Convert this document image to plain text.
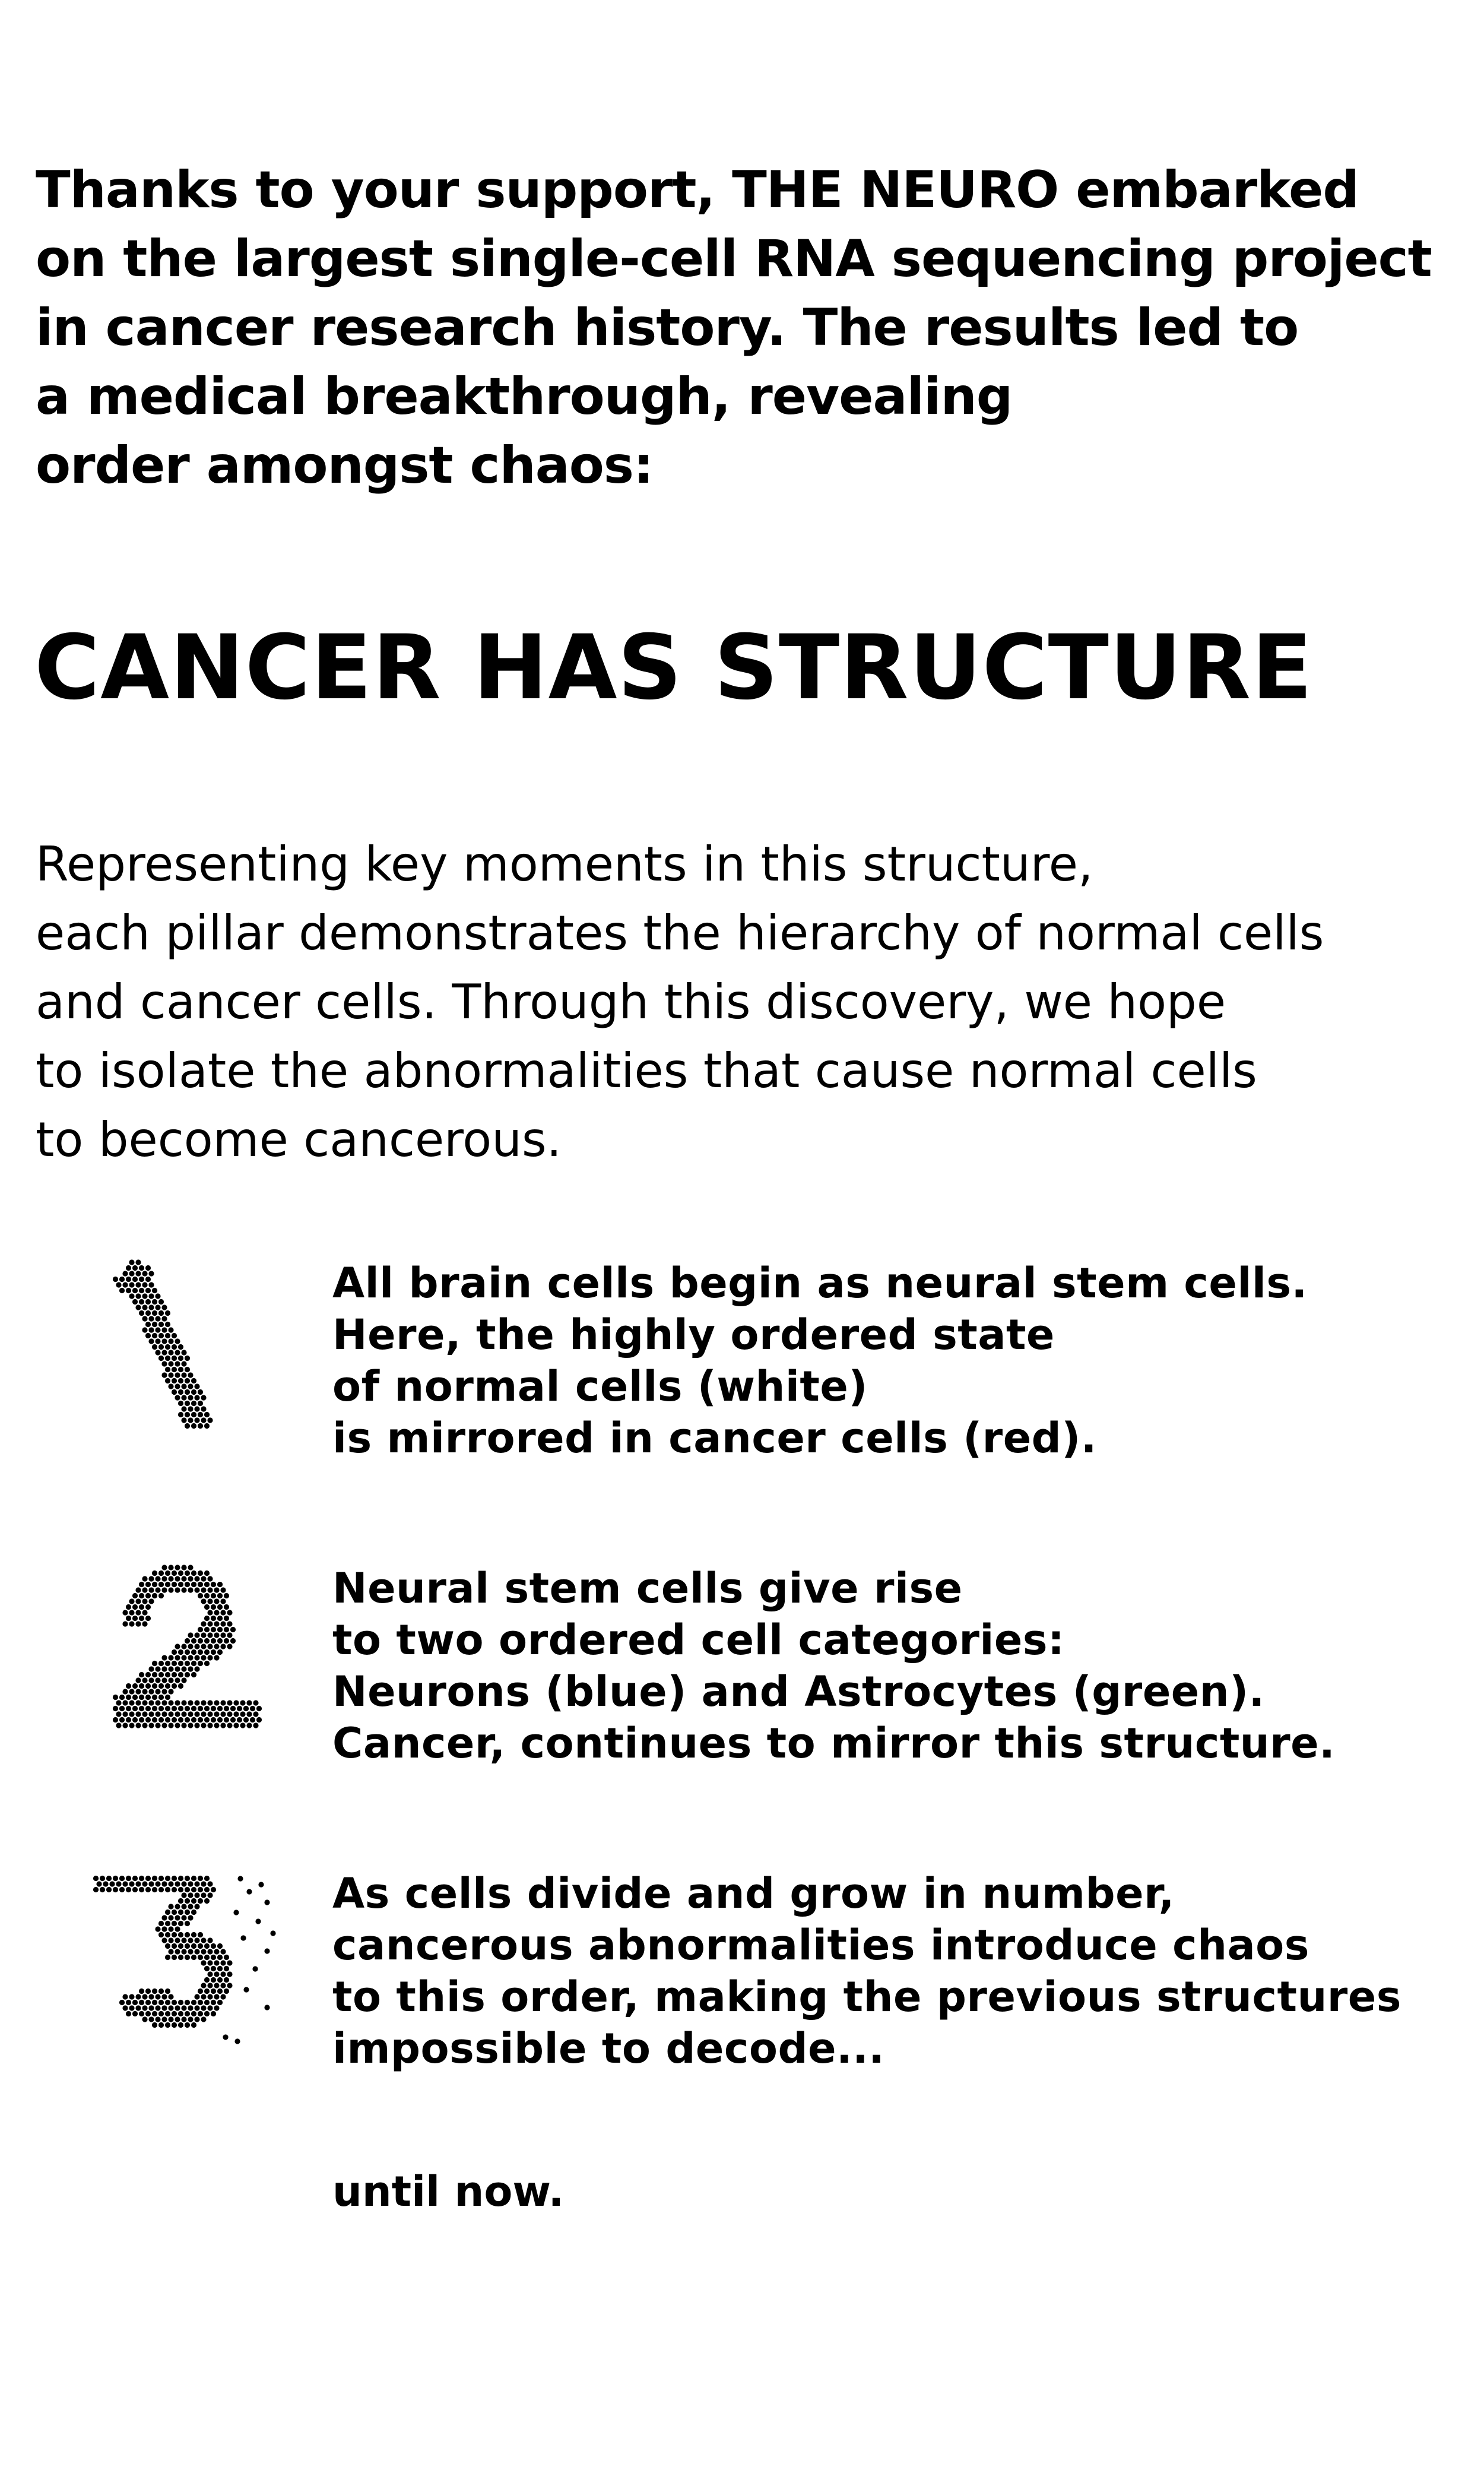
Thanks to your support, THE NEURO embarked
on the largest single-cell RNA sequencing project
in cancer research history. The results led to
a medical breakthrough, revealing
order amongst chaos:
CANCER HAS STRUCTURE
Representing key moments in this structure,
each pillar demonstrates the hierarchy of normal cells
and cancer cells. Through this discovery, we hope
to isolate the abnormalities that cause normal cells
to become cancerous.
All brain cells begin as neural stem cells.
Here, the highly ordered state
of normal cells (white)
is mirrored in cancer cells (red).
Neural stem cells give rise
to two ordered cell categories:
Neurons (blue) and Astrocytes (green).
Cancer, continues to mirror this structure.
As cells divide and grow in number,
cancerous abnormalities introduce chaos
to this order, making the previous structures
impossible to decode...
until now.
